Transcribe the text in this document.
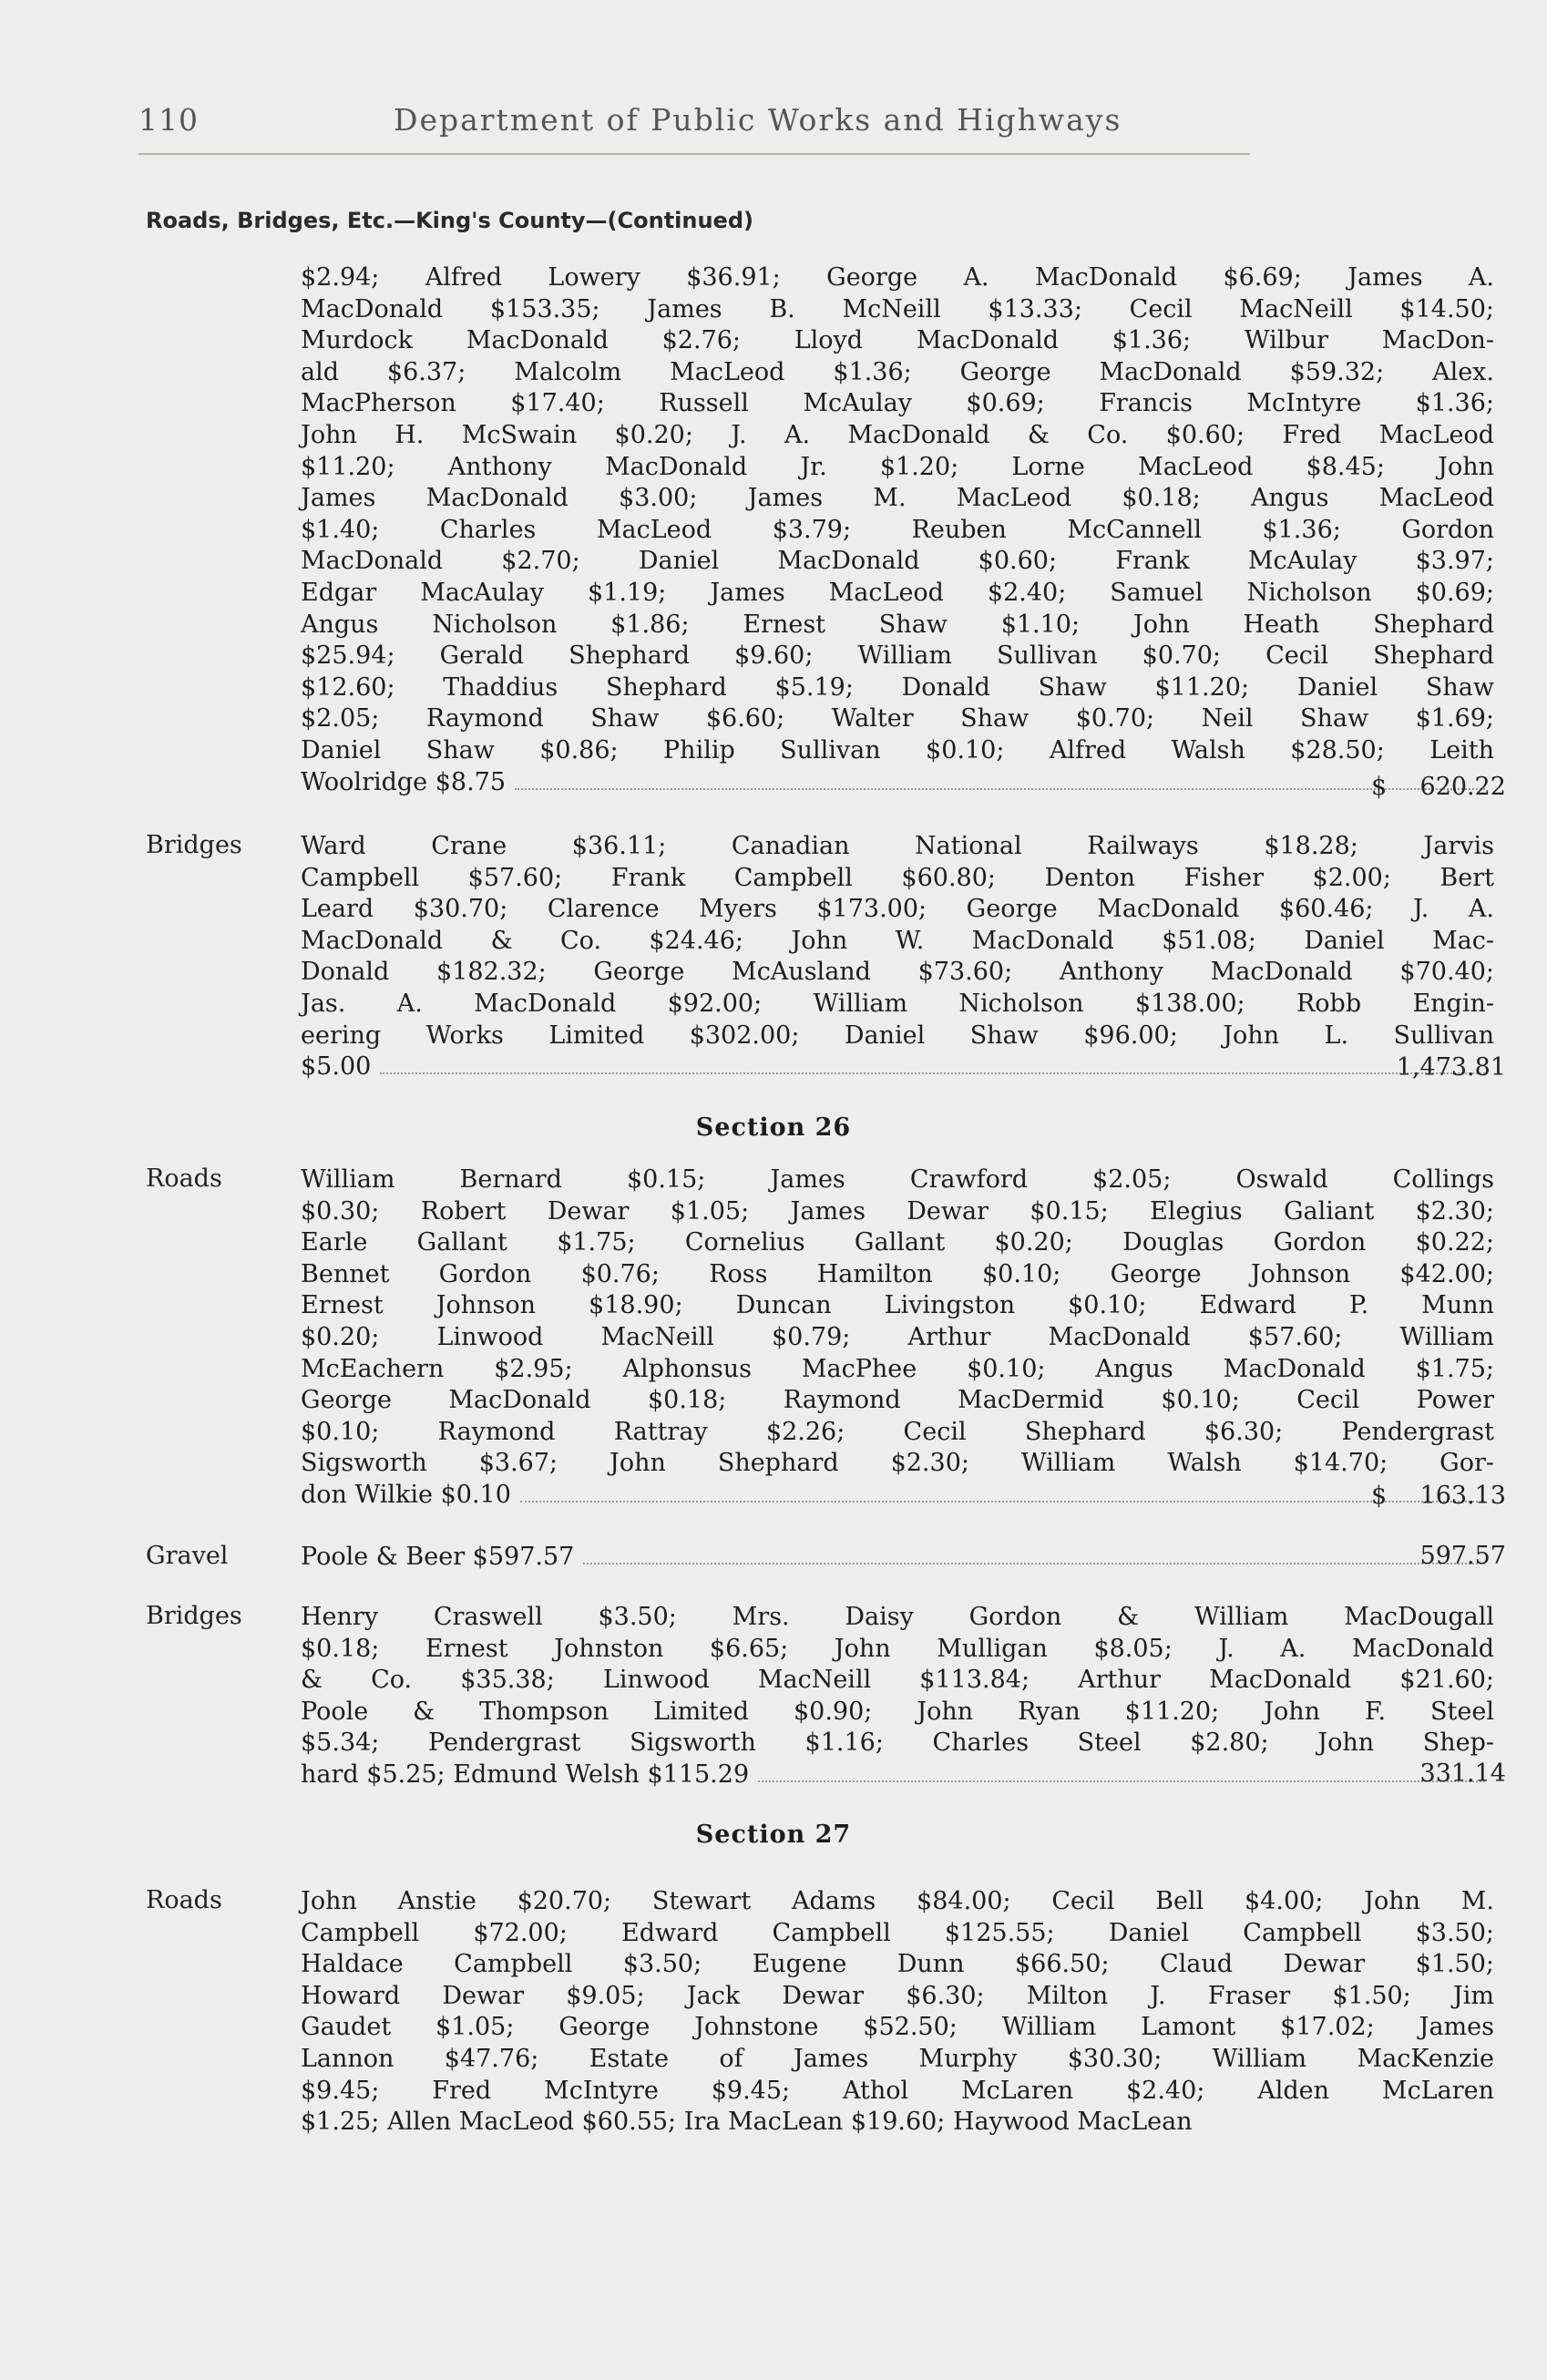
110	Department of Public Works and Highways
Roads, Bridges, Etc.—King's County—(Continued)
$2.94; Alfred Lowery $36.91; George A. MacDonald $6.69; James A.
MacDonald $153.35; James B. McNeill $13.33; Cecil MacNeill $14.50;
Murdock MacDonald $2.76; Lloyd MacDonald $1.36; Wilbur MacDon-
ald $6.37; Malcolm MacLeod $1.36; George MacDonald $59.32; Alex.
MacPherson $17.40; Russell McAulay $0.69; Francis McIntyre $1.36;
John H. McSwain $0.20; J. A. MacDonald & Co. $0.60; Fred MacLeod
$11.20; Anthony MacDonald Jr. $1.20; Lorne MacLeod $8.45; John
James MacDonald $3.00; James M. MacLeod $0.18; Angus MacLeod
$1.40; Charles MacLeod $3.79; Reuben McCannell $1.36; Gordon
MacDonald $2.70; Daniel MacDonald $0.60; Frank McAulay $3.97;
Edgar MacAulay $1.19; James MacLeod $2.40; Samuel Nicholson $0.69;
Angus Nicholson $1.86; Ernest Shaw $1.10; John Heath Shephard
$25.94; Gerald Shephard $9.60; William Sullivan $0.70; Cecil Shephard
$12.60; Thaddius Shephard $5.19; Donald Shaw $11.20; Daniel Shaw
$2.05; Raymond Shaw $6.60; Walter Shaw $0.70; Neil Shaw $1.69;
Daniel Shaw $0.86; Philip Sullivan $0.10; Alfred Walsh $28.50; Leith
Woolridge $8.75	$ 620.22
Bridges Ward Crane $36.11; Canadian National Railways $18.28; Jarvis
Campbell $57.60; Frank Campbell $60.80; Denton Fisher $2.00; Bert
Leard $30.70; Clarence Myers $173.00; George MacDonald $60.46; J. A.
MacDonald & Co. $24.46; John W. MacDonald $51.08; Daniel Mac-
Donald $182.32; George McAusland $73.60; Anthony MacDonald $70.40;
Jas. A. MacDonald $92.00; William Nicholson $138.00; Robb Engin-
eering Works Limited $302.00; Daniel Shaw $96.00; John L. Sullivan
$5.00	1,473.81
Section 26
Roads	William Bernard $0.15; James Crawford $2.05; Oswald Collings
$0.30; Robert Dewar $1.05; James Dewar $0.15; Elegius Galiant $2.30;
Earle Gallant $1.75; Cornelius Gallant $0.20; Douglas Gordon $0.22;
Bennet Gordon $0.76; Ross Hamilton $0.10; George Johnson $42.00;
Ernest Johnson $18.90; Duncan Livingston $0.10; Edward P. Munn
$0.20; Linwood MacNeill $0.79; Arthur MacDonald $57.60; William
McEachern $2.95; Alphonsus MacPhee $0.10; Angus MacDonald $1.75;
George MacDonald $0.18; Raymond MacDermid $0.10; Cecil Power
$0.10; Raymond Rattray $2.26; Cecil Shephard $6.30; Pendergrast
Sigsworth $3.67; John Shephard $2.30; William Walsh $14.70; Gor-
don Wilkie $0.10	$ 163.13
Gravel	Poole & Beer $597.57	597.57
Bridges Henry Craswell $3.50; Mrs. Daisy Gordon & William MacDougall
$0.18; Ernest Johnston $6.65; John Mulligan $8.05; J. A. MacDonald
& Co. $35.38; Linwood MacNeill $113.84; Arthur MacDonald $21.60;
Poole & Thompson Limited $0.90; John Ryan $11.20; John F. Steel
$5.34; Pendergrast Sigsworth $1.16; Charles Steel $2.80; John Shep-
hard $5.25; Edmund Welsh $115.29	331.14
Section 27
Roads	John Anstie $20.70; Stewart Adams $84.00; Cecil Bell $4.00; John M.
Campbell $72.00; Edward Campbell $125.55; Daniel Campbell $3.50;
Haldace Campbell $3.50; Eugene Dunn $66.50; Claud Dewar $1.50;
Howard Dewar $9.05; Jack Dewar $6.30; Milton J. Fraser $1.50; Jim
Gaudet $1.05; George Johnstone $52.50; William Lamont $17.02; James
Lannon $47.76; Estate of James Murphy $30.30; William MacKenzie
$9.45; Fred McIntyre $9.45; Athol McLaren $2.40; Alden McLaren
$1.25; Allen MacLeod $60.55; Ira MacLean $19.60; Haywood MacLean
